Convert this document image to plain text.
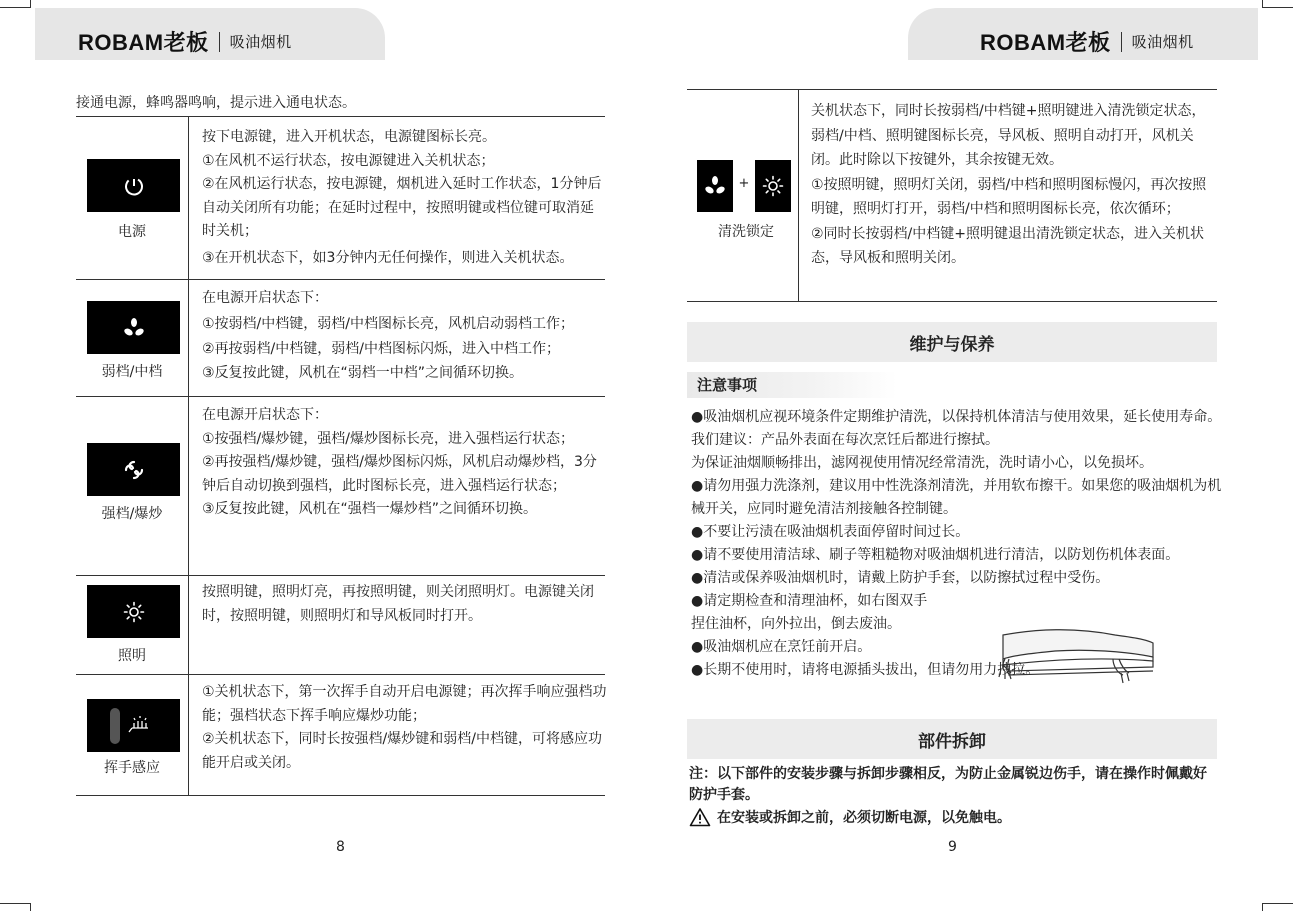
ROBAM老板 吸油烟机	ROBAM老板 吸油烟机
接通电源，蜂鸣器鸣响，提示进入通电状态。
电源

按下电源键，进入开机状态，电源键图标长亮。

①在风机不运行状态，按电源键进入关机状态；

②在风机运行状态，按电源键，烟机进入延时工作状态，1分钟后自动关闭所有功能；在延时过程中，按照明键或档位键可取消延时关机；

③在开机状态下，如3分钟内无任何操作，则进入关机状态。

弱档/中档

在电源开启状态下：

①按弱档/中档键，弱档/中档图标长亮，风机启动弱档工作；

②再按弱档/中档键，弱档/中档图标闪烁，进入中档工作；

③反复按此键，风机在“弱档一中档”之间循环切换。

强档/爆炒

在电源开启状态下：

①按强档/爆炒键，强档/爆炒图标长亮，进入强档运行状态；

②再按强档/爆炒键，强档/爆炒图标闪烁，风机启动爆炒档，3分钟后自动切换到强档，此时图标长亮，进入强档运行状态；

③反复按此键，风机在“强档一爆炒档”之间循环切换。

照明

按照明键，照明灯亮，再按照明键，则关闭照明灯。电源键关闭时，按照明键，则照明灯和导风板同时打开。

挥手感应

①关机状态下，第一次挥手自动开启电源键；再次挥手响应强档功能；强档状态下挥手响应爆炒功能；

②关机状态下，同时长按强档/爆炒键和弱档/中档键，可将感应功能开启或关闭。

8
+
清洗锁定

关机状态下，同时长按弱档/中档键+照明键进入清洗锁定状态，弱档/中档、照明键图标长亮，导风板、照明自动打开，风机关闭。此时除以下按键外，其余按键无效。

①按照明键，照明灯关闭，弱档/中档和照明图标慢闪，再次按照明键，照明灯打开，弱档/中档和照明图标长亮，依次循环；

②同时长按弱档/中档键+照明键退出清洗锁定状态，进入关机状态，导风板和照明关闭。

维护与保养
注意事项

●吸油烟机应视环境条件定期维护清洗，以保持机体清洁与使用效果，延长使用寿命。

我们建议：产品外表面在每次烹饪后都进行擦拭。

为保证油烟顺畅排出，滤网视使用情况经常清洗，洗时请小心，以免损坏。

●请勿用强力洗涤剂，建议用中性洗涤剂清洗，并用软布擦干。如果您的吸油烟机为机械开关，应同时避免清洁剂接触各控制键。

●不要让污渍在吸油烟机表面停留时间过长。

●请不要使用清洁球、刷子等粗糙物对吸油烟机进行清洁，以防划伤机体表面。

●清洁或保养吸油烟机时，请戴上防护手套，以防擦拭过程中受伤。

●请定期检查和清理油杯，如右图双手

捏住油杯，向外拉出，倒去废油。

●吸油烟机应在烹饪前开启。

●长期不使用时，请将电源插头拔出，但请勿用力拽拉。

部件拆卸
注：以下部件的安装步骤与拆卸步骤相反，为防止金属锐边伤手，请在操作时佩戴好防护手套。
在安装或拆卸之前，必须切断电源，以免触电。
9
